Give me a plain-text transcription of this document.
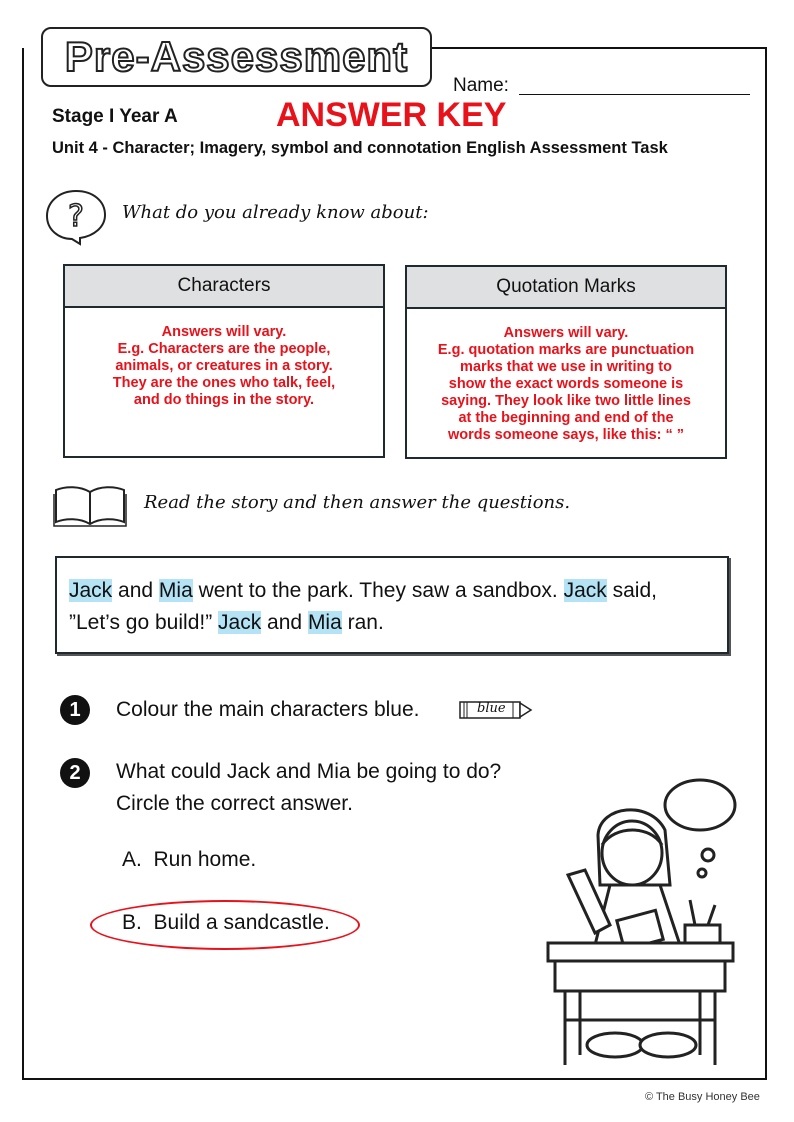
Pre-Assessment
Name:
Stage I Year A	ANSWER KEY
Unit 4 - Character; Imagery, symbol and connotation English Assessment Task
? What do you already know about:
Characters
Answers will vary.
E.g. Characters are the people,
animals, or creatures in a story.
They are the ones who talk, feel,
and do things in the story.
Quotation Marks
Answers will vary.
E.g. quotation marks are punctuation
marks that we use in writing to
show the exact words someone is
saying. They look like two little lines
at the beginning and end of the
words someone says, like this: “ ”
Read the story and then answer the questions.
Jack and Mia went to the park. They saw a sandbox. Jack said,
”Let’s go build!” Jack and Mia ran.
1	Colour the main characters blue.	blue
2	What could Jack and Mia be going to do?
Circle the correct answer.
A. Run home.
B. Build a sandcastle.
© The Busy Honey Bee
